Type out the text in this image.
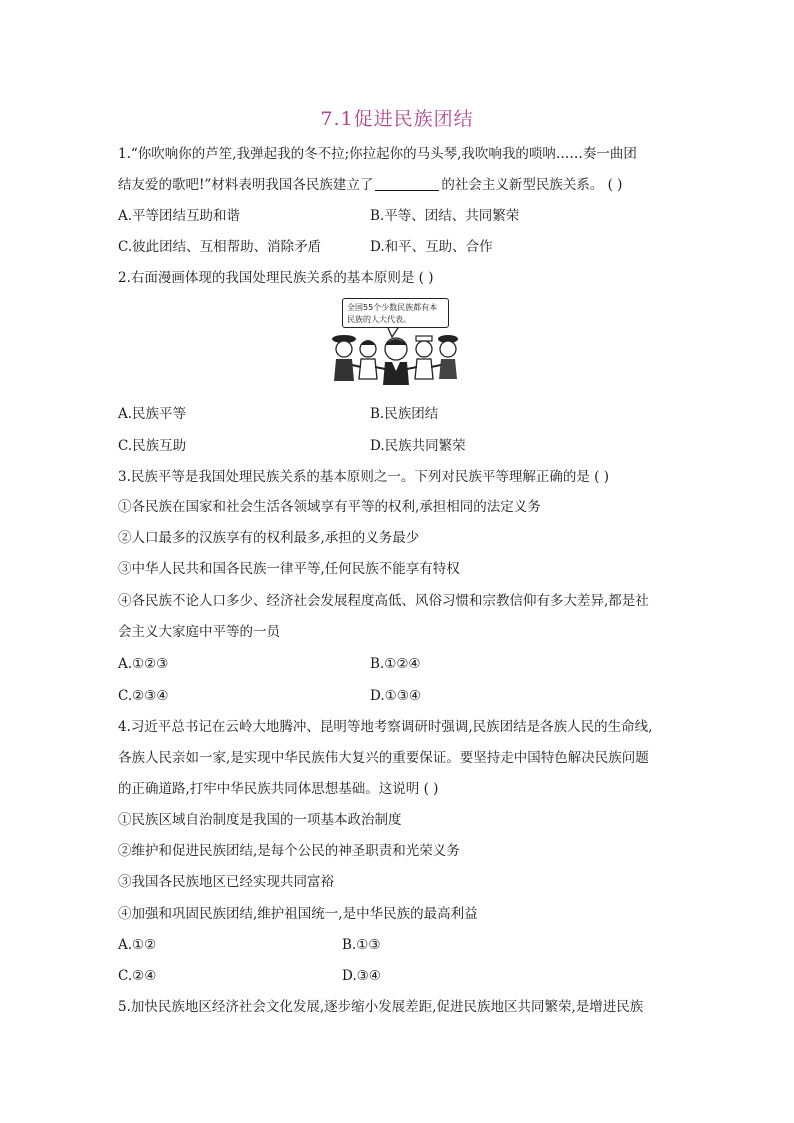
7.1促进民族团结
1.“你吹响你的芦笙,我弹起我的冬不拉;你拉起你的马头琴,我吹响我的唢呐……奏一曲团
结友爱的歌吧!”材料表明我国各民族建立了	的社会主义新型民族关系。 ( )
A.平等团结互助和谐	B.平等、团结、共同繁荣
C.彼此团结、互相帮助、消除矛盾	D.和平、互助、合作
2.右面漫画体现的我国处理民族关系的基本原则是 ( )
全国55个少数民族都有本民族的人大代表。
A.民族平等	B.民族团结
C.民族互助	D.民族共同繁荣
3.民族平等是我国处理民族关系的基本原则之一。下列对民族平等理解正确的是 ( )
①各民族在国家和社会生活各领域享有平等的权利,承担相同的法定义务
②人口最多的汉族享有的权利最多,承担的义务最少
③中华人民共和国各民族一律平等,任何民族不能享有特权
④各民族不论人口多少、经济社会发展程度高低、风俗习惯和宗教信仰有多大差异,都是社
会主义大家庭中平等的一员
A.①②③	B.①②④
C.②③④	D.①③④
4.习近平总书记在云岭大地腾冲、昆明等地考察调研时强调,民族团结是各族人民的生命线,
各族人民亲如一家,是实现中华民族伟大复兴的重要保证。要坚持走中国特色解决民族问题
的正确道路,打牢中华民族共同体思想基础。这说明 ( )
①民族区域自治制度是我国的一项基本政治制度
②维护和促进民族团结,是每个公民的神圣职责和光荣义务
③我国各民族地区已经实现共同富裕
④加强和巩固民族团结,维护祖国统一,是中华民族的最高利益
A.①②	B.①③
C.②④	D.③④
5.加快民族地区经济社会文化发展,逐步缩小发展差距,促进民族地区共同繁荣,是增进民族
